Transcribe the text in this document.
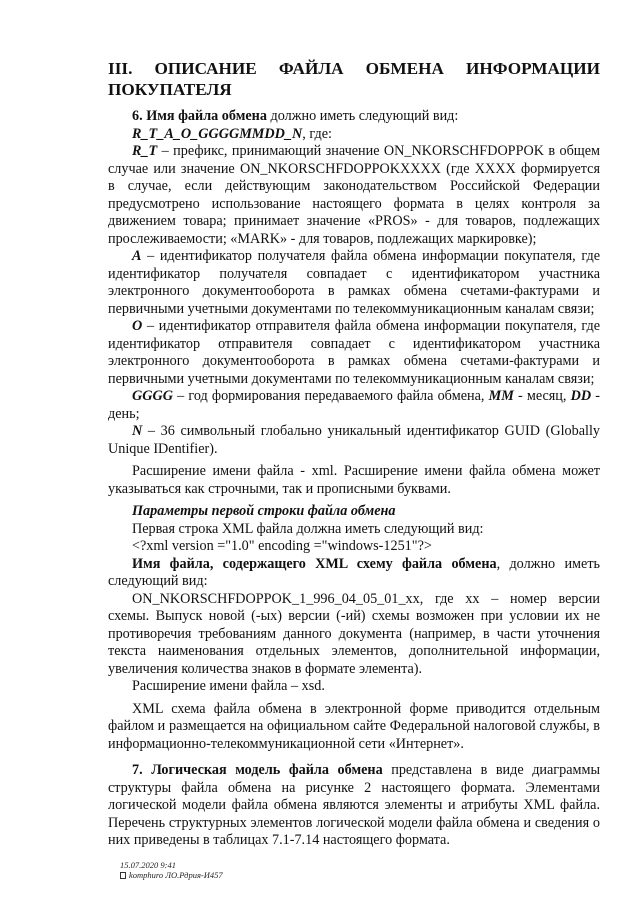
III. ОПИСАНИЕ ФАЙЛА ОБМЕНА ИНФОРМАЦИИ
ПОКУПАТЕЛЯ

6. Имя файла обмена должно иметь следующий вид:

R_T_A_O_GGGGMMDD_N, где:

R_T – префикс, принимающий значение ON_NKORSCHFDOPPOK в общем случае или значение ON_NKORSCHFDOPPOKXXXX (где XXXX формируется в случае, если действующим законодательством Российской Федерации предусмотрено использование настоящего формата в целях контроля за движением товара; принимает значение «PROS» - для товаров, подлежащих прослеживаемости; «MARK» - для товаров, подлежащих маркировке);

A – идентификатор получателя файла обмена информации покупателя, где идентификатор получателя совпадает с идентификатором участника электронного документооборота в рамках обмена счетами-фактурами и первичными учетными документами по телекоммуникационным каналам связи;

O – идентификатор отправителя файла обмена информации покупателя, где идентификатор отправителя совпадает с идентификатором участника электронного документооборота в рамках обмена счетами-фактурами и первичными учетными документами по телекоммуникационным каналам связи;

GGGG – год формирования передаваемого файла обмена, MM - месяц, DD - день;

N – 36 символьный глобально уникальный идентификатор GUID (Globally Unique IDentifier).

Расширение имени файла - xml. Расширение имени файла обмена может указываться как строчными, так и прописными буквами.

Параметры первой строки файла обмена

Первая строка XML файла должна иметь следующий вид:

<?xml version ="1.0" encoding ="windows-1251"?>

Имя файла, содержащего XML схему файла обмена, должно иметь следующий вид:

ON_NKORSCHFDOPPOK_1_996_04_05_01_xx, где хх – номер версии схемы. Выпуск новой (-ых) версии (-ий) схемы возможен при условии их не противоречия требованиям данного документа (например, в части уточнения текста наименования отдельных элементов, дополнительной информации, увеличения количества знаков в формате элемента).

Расширение имени файла – xsd.

XML схема файла обмена в электронной форме приводится отдельным файлом и размещается на официальном сайте Федеральной налоговой службы, в информационно-телекоммуникационной сети «Интернет».

7. Логическая модель файла обмена представлена в виде диаграммы структуры файла обмена на рисунке 2 настоящего формата. Элементами логической модели файла обмена являются элементы и атрибуты XML файла. Перечень структурных элементов логической модели файла обмена и сведения о них приведены в таблицах 7.1-7.14 настоящего формата.

15.07.2020 9:41
komphuro ЛО.Рдрия-И457
